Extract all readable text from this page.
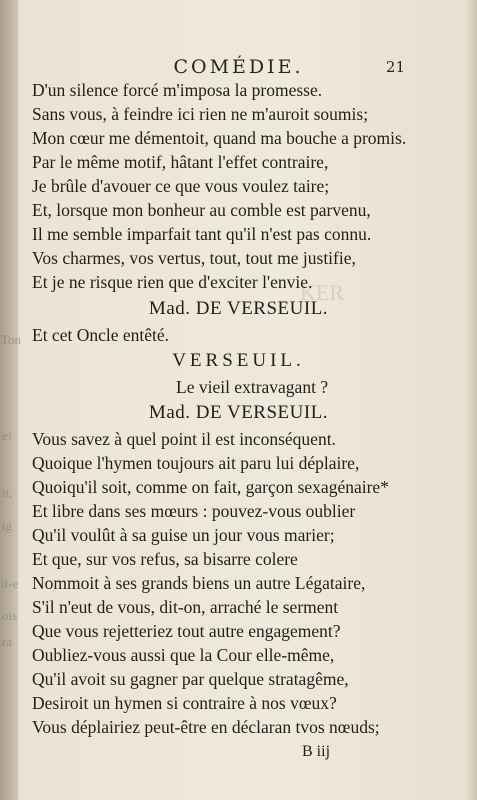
KER
Ton
e!
it,
ig
it-e
ois
ra
COMÉDIE.	21
D'un silence forcé m'imposa la promesse.
Sans vous, à feindre ici rien ne m'auroit soumis;
Mon cœur me démentoit, quand ma bouche a promis.
Par le même motif, hâtant l'effet contraire,
Je brûle d'avouer ce que vous voulez taire;
Et, lorsque mon bonheur au comble est parvenu,
Il me semble imparfait tant qu'il n'est pas connu.
Vos charmes, vos vertus, tout, tout me justifie,
Et je ne risque rien que d'exciter l'envie.
Mad. DE VERSEUIL.
Et cet Oncle entêté.
VERSEUIL.
Le vieil extravagant ?
Mad. DE VERSEUIL.
Vous savez à quel point il est inconséquent.
Quoique l'hymen toujours ait paru lui déplaire,
Quoiqu'il soit, comme on fait, garçon sexagénaire*
Et libre dans ses mœurs : pouvez-vous oublier
Qu'il voulût à sa guise un jour vous marier;
Et que, sur vos refus, sa bisarre colere
Nommoit à ses grands biens un autre Légataire,
S'il n'eut de vous, dit-on, arraché le serment
Que vous rejetteriez tout autre engagement?
Oubliez-vous aussi que la Cour elle-même,
Qu'il avoit su gagner par quelque stratagême,
Desiroit un hymen si contraire à nos vœux?
Vous déplairiez peut-être en déclaran tvos nœuds;
B iij
